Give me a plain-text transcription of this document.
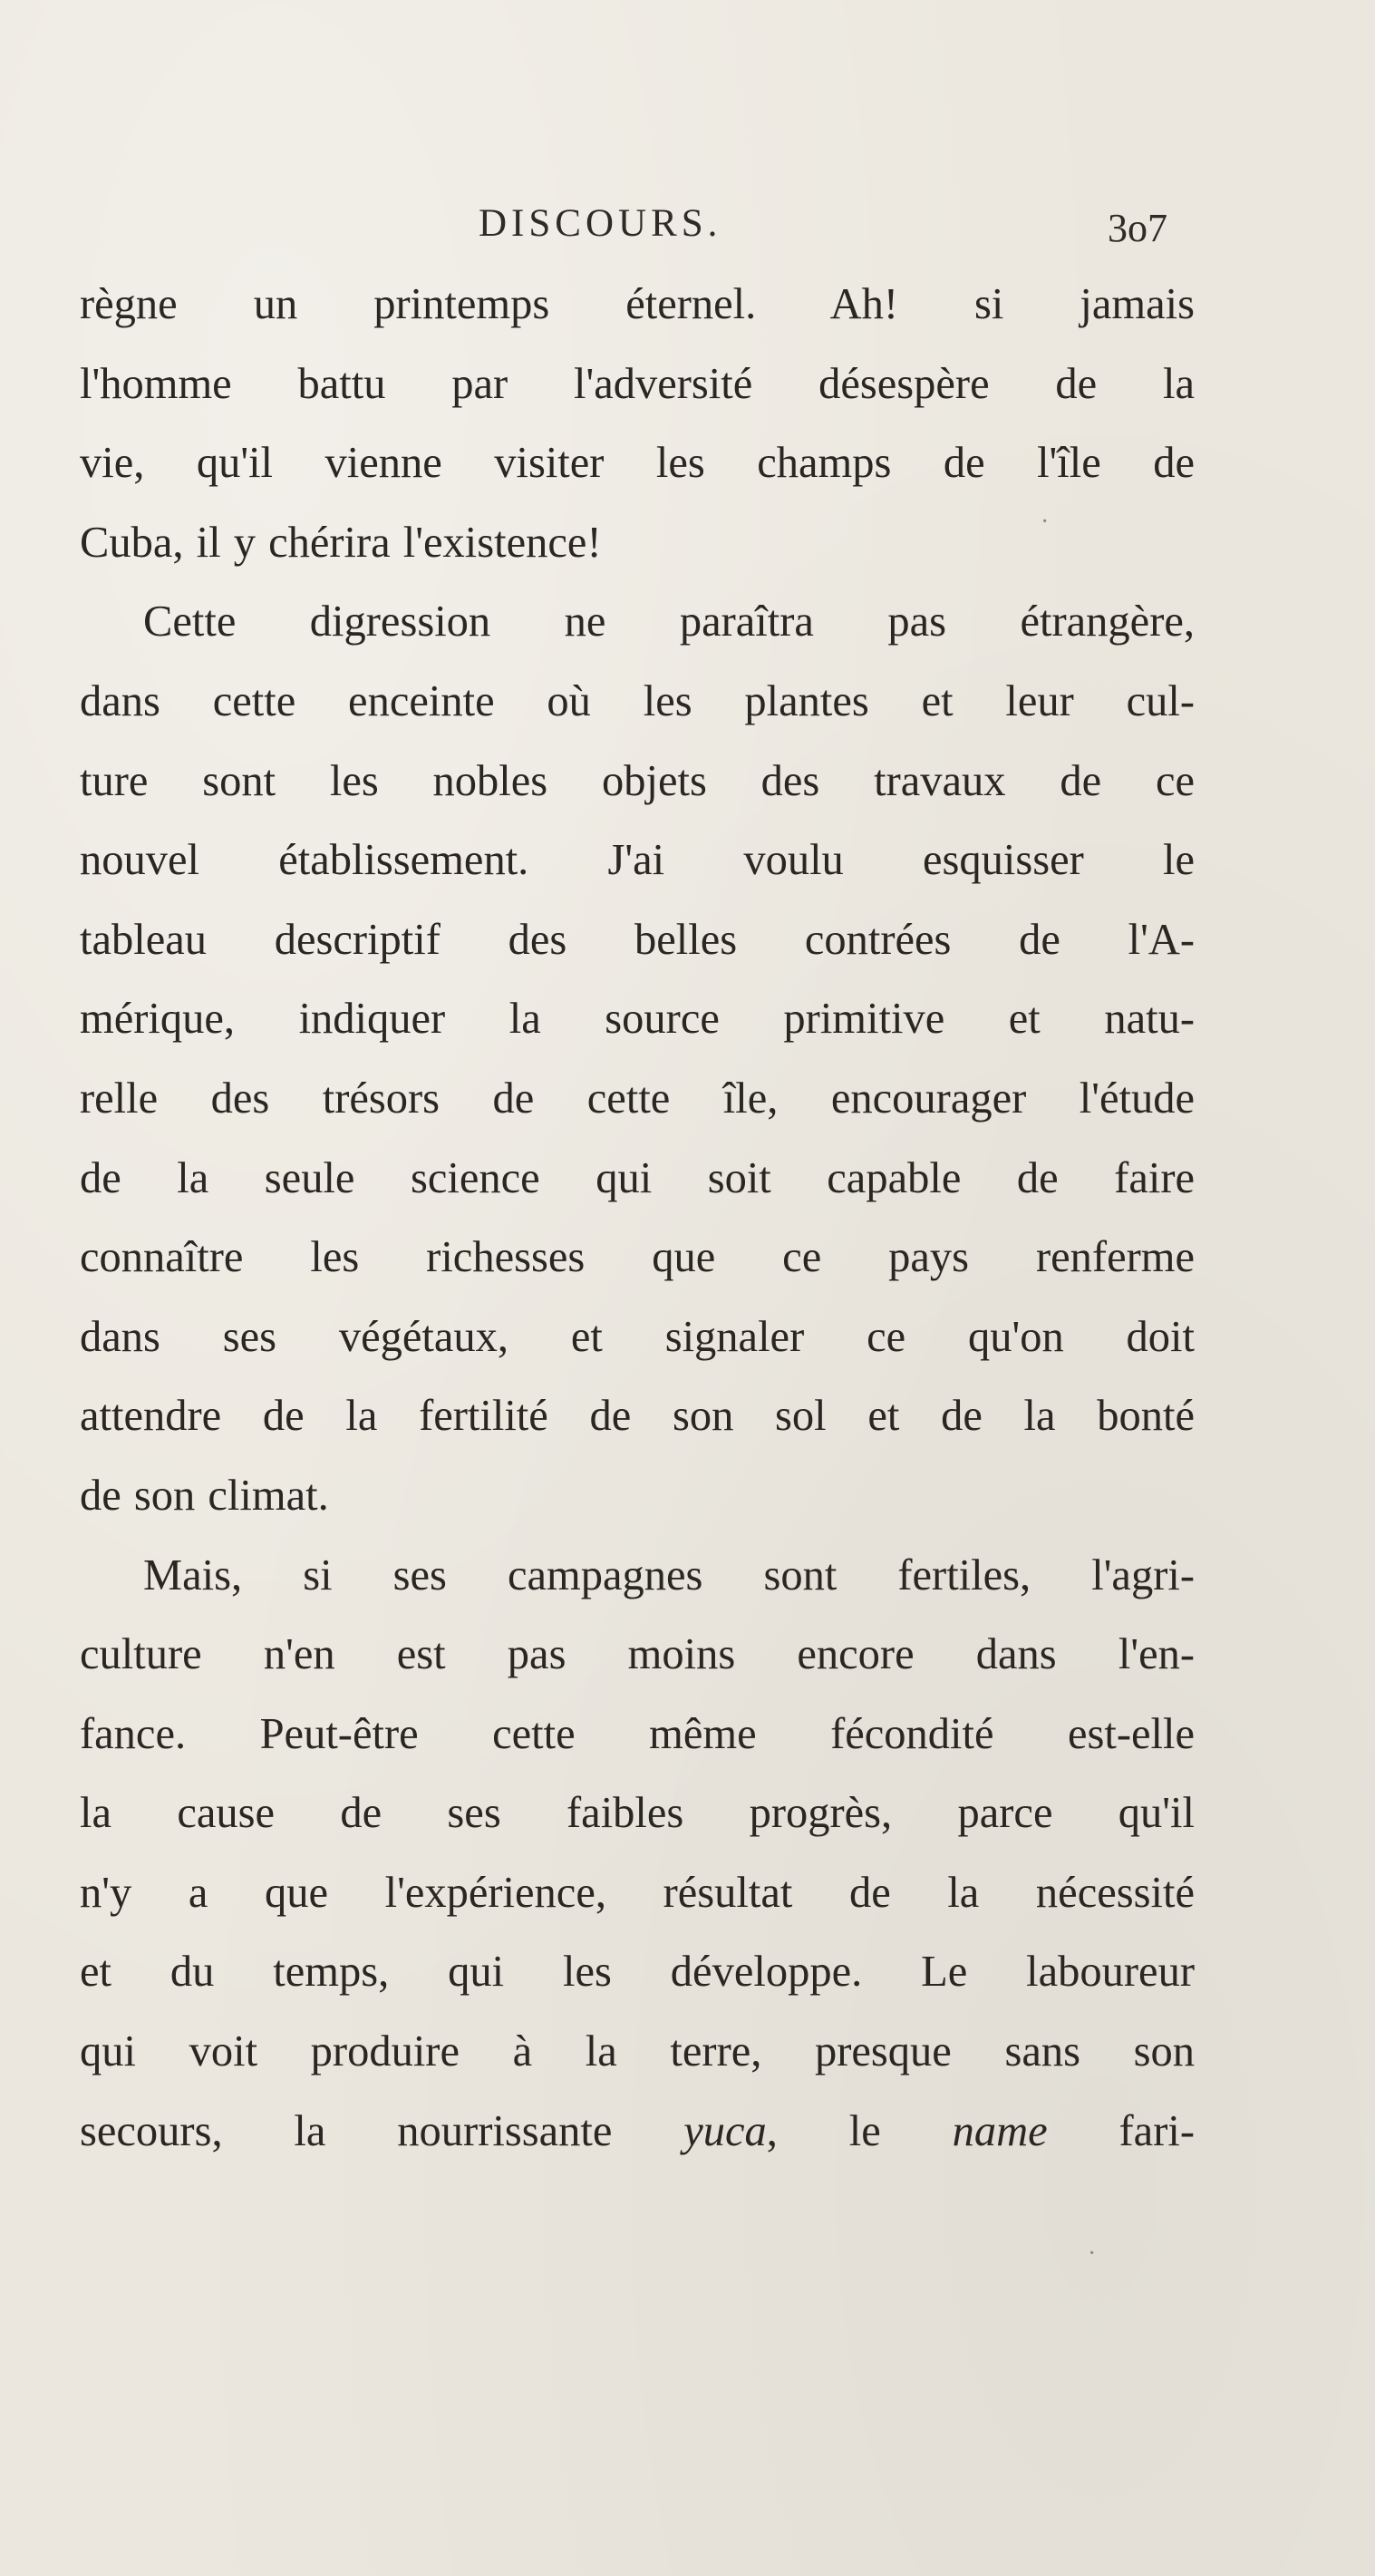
DISCOURS.	3o7

règne un printemps éternel. Ah! si jamais

l'homme battu par l'adversité désespère de la

vie, qu'il vienne visiter les champs de l'île de

Cuba, il y chérira l'existence!

Cette digression ne paraîtra pas étrangère,

dans cette enceinte où les plantes et leur cul-

ture sont les nobles objets des travaux de ce

nouvel établissement. J'ai voulu esquisser le

tableau descriptif des belles contrées de l'A-

mérique, indiquer la source primitive et natu-

relle des trésors de cette île, encourager l'étude

de la seule science qui soit capable de faire

connaître les richesses que ce pays renferme

dans ses végétaux, et signaler ce qu'on doit

attendre de la fertilité de son sol et de la bonté

de son climat.

Mais, si ses campagnes sont fertiles, l'agri-

culture n'en est pas moins encore dans l'en-

fance. Peut-être cette même fécondité est-elle

la cause de ses faibles progrès, parce qu'il

n'y a que l'expérience, résultat de la nécessité

et du temps, qui les développe. Le laboureur

qui voit produire à la terre, presque sans son

secours, la nourrissante yuca, le name fari-

·
·
